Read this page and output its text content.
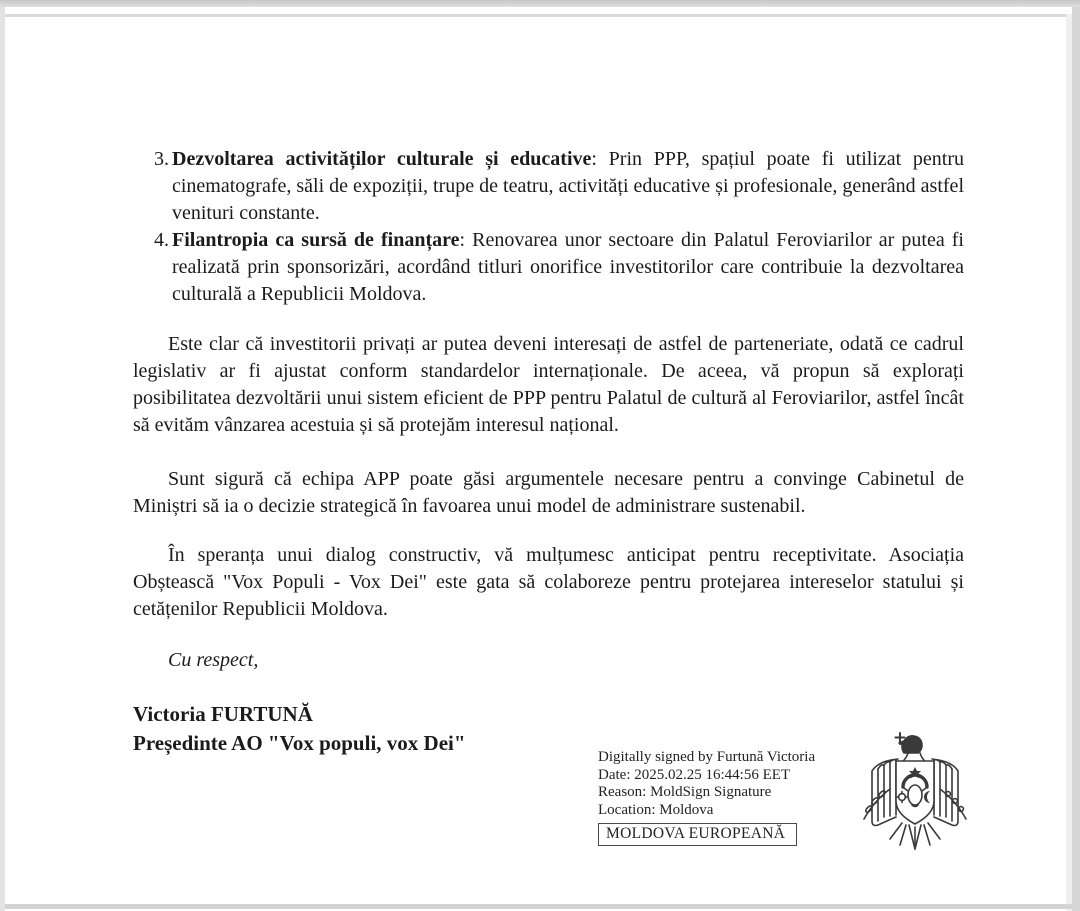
3. Dezvoltarea activităților culturale și educative: Prin PPP, spațiul poate fi utilizat pentru cinematografe, săli de expoziții, trupe de teatru, activități educative și profesionale, generând astfel venituri constante.
4. Filantropia ca sursă de finanțare: Renovarea unor sectoare din Palatul Feroviarilor ar putea fi realizată prin sponsorizări, acordând titluri onorifice investitorilor care contribuie la dezvoltarea culturală a Republicii Moldova.

Este clar că investitorii privați ar putea deveni interesați de astfel de parteneriate, odată ce cadrul legislativ ar fi ajustat conform standardelor internaționale. De aceea, vă propun să explorați posibilitatea dezvoltării unui sistem eficient de PPP pentru Palatul de cultură al Feroviarilor, astfel încât să evităm vânzarea acestuia și să protejăm interesul național.

Sunt sigură că echipa APP poate găsi argumentele necesare pentru a convinge Cabinetul de Miniștri să ia o decizie strategică în favoarea unui model de administrare sustenabil.

În speranța unui dialog constructiv, vă mulțumesc anticipat pentru receptivitate. Asociația Obștească "Vox Populi - Vox Dei" este gata să colaboreze pentru protejarea intereselor statului și cetățenilor Republicii Moldova.

Cu respect,
Victoria FURTUNĂ
Președinte AO "Vox populi, vox Dei"
Digitally signed by Furtună Victoria
Date: 2025.02.25 16:44:56 EET
Reason: MoldSign Signature
Location: Moldova
MOLDOVA EUROPEANĂ
